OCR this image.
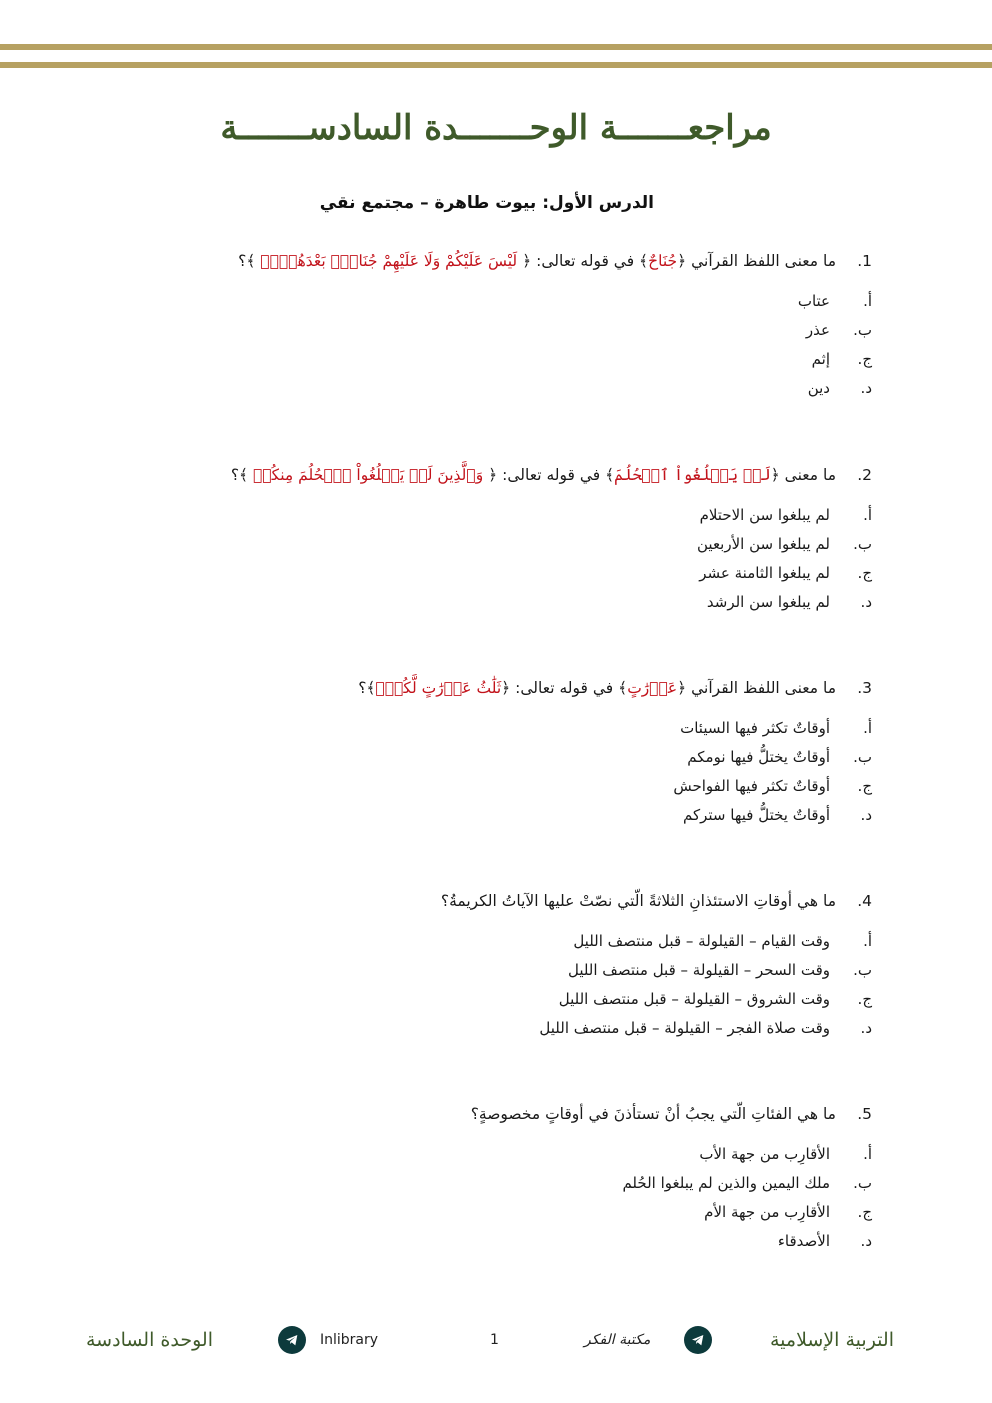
مراجعـــــــة الوحـــــــدة السادســـــــة
الدرس الأول: بيوت طاهرة – مجتمع نقي
1.
ما معنى اللفظ القرآني ﴿جُنَاحٌ﴾ في قوله تعالى: ﴿ لَيْسَ عَلَيْكُمْ وَلَا عَلَيْهِمْ جُنَاحٌۢ بَعْدَهُنَّۚ ﴾؟
أ.
عتاب
ب.
عذر
ج.
إثم
د.
دين
2.
ما معنى ﴿لَمۡ يَبۡلُغُواْ ٱلۡحُلُمَ﴾ في قوله تعالى: ﴿ وَٱلَّذِينَ لَمۡ يَبۡلُغُواْ ٱلۡحُلُمَ مِنكُمۡ ﴾؟
أ.
لم يبلغوا سن الاحتلام
ب.
لم يبلغوا سن الأربعين
ج.
لم يبلغوا الثامنة عشر
د.
لم يبلغوا سن الرشد
3.
ما معنى اللفظ القرآني ﴿عَوۡرَٰتٍ﴾ في قوله تعالى: ﴿ثَلَٰثُ عَوۡرَٰتٍ لَّكُمۡۚ﴾؟
أ.
أوقاتٌ تكثر فيها السيئات
ب.
أوقاتٌ يختلُّ فيها نومكم
ج.
أوقاتٌ تكثر فيها الفواحش
د.
أوقاتٌ يختلُّ فيها ستركم
4.
ما هي أوقاتِ الاستئذانِ الثلاثةً الّتي نصّتْ عليها الآياتُ الكريمةُ؟
أ.
وقت القيام – القيلولة – قبل منتصف الليل
ب.
وقت السحر – القيلولة – قبل منتصف الليل
ج.
وقت الشروق – القيلولة – قبل منتصف الليل
د.
وقت صلاة الفجر – القيلولة – قبل منتصف الليل
5.
ما هي الفئاتِ الّتي يجبُ أنْ تستأذنَ في أوقاتٍ مخصوصةٍ؟
أ.
الأقارِب من جهة الأب
ب.
ملك اليمين والذين لم يبلغوا الحُلم
ج.
الأقارِب من جهة الأم
د.
الأصدقاء
التربية الإسلامية
مكتبة الفكر
1
Inlibrary
الوحدة السادسة
